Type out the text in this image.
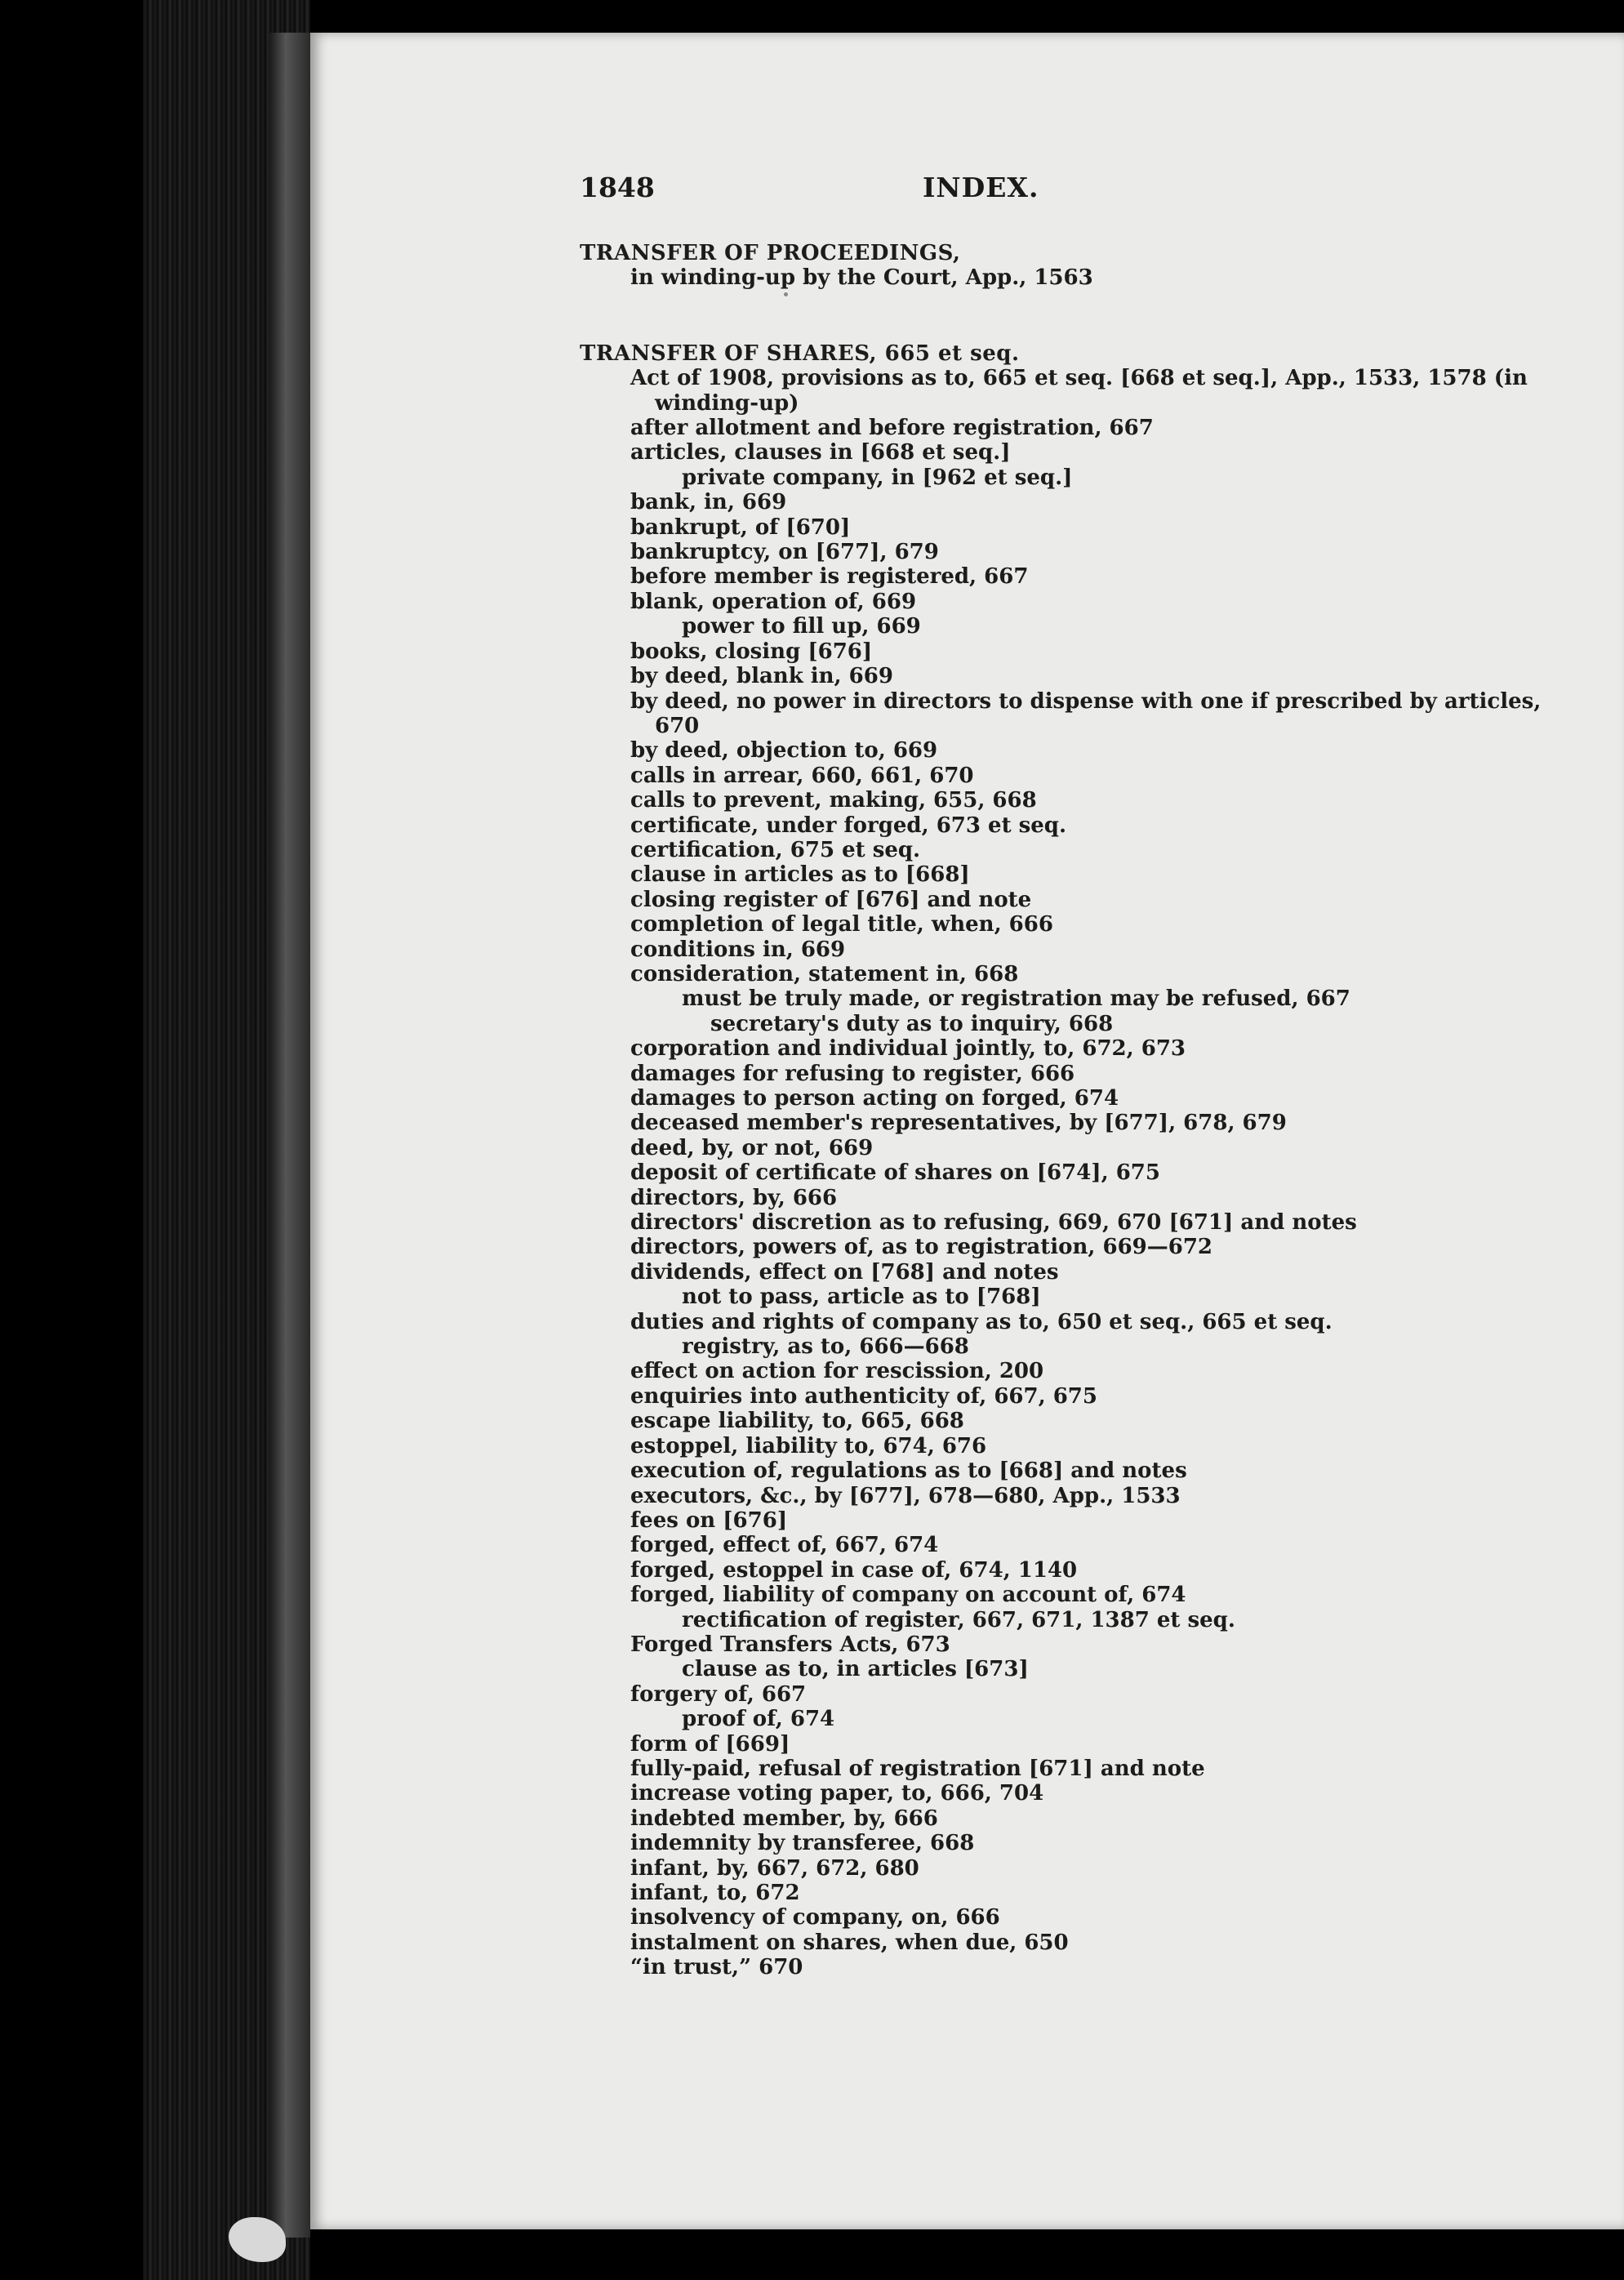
1848	INDEX.
TRANSFER OF PROCEEDINGS,
in winding-up by the Court, App., 1563
TRANSFER OF SHARES, 665 et seq.
Act of 1908, provisions as to, 665 et seq. [668 et seq.], App., 1533, 1578 (in winding-up)
after allotment and before registration, 667
articles, clauses in [668 et seq.]
private company, in [962 et seq.]
bank, in, 669
bankrupt, of [670]
bankruptcy, on [677], 679
before member is registered, 667
blank, operation of, 669
power to fill up, 669
books, closing [676]
by deed, blank in, 669
by deed, no power in directors to dispense with one if prescribed by articles, 670
by deed, objection to, 669
calls in arrear, 660, 661, 670
calls to prevent, making, 655, 668
certificate, under forged, 673 et seq.
certification, 675 et seq.
clause in articles as to [668]
closing register of [676] and note
completion of legal title, when, 666
conditions in, 669
consideration, statement in, 668
must be truly made, or registration may be refused, 667
secretary's duty as to inquiry, 668
corporation and individual jointly, to, 672, 673
damages for refusing to register, 666
damages to person acting on forged, 674
deceased member's representatives, by [677], 678, 679
deed, by, or not, 669
deposit of certificate of shares on [674], 675
directors, by, 666
directors' discretion as to refusing, 669, 670 [671] and notes
directors, powers of, as to registration, 669—672
dividends, effect on [768] and notes
not to pass, article as to [768]
duties and rights of company as to, 650 et seq., 665 et seq.
registry, as to, 666—668
effect on action for rescission, 200
enquiries into authenticity of, 667, 675
escape liability, to, 665, 668
estoppel, liability to, 674, 676
execution of, regulations as to [668] and notes
executors, &c., by [677], 678—680, App., 1533
fees on [676]
forged, effect of, 667, 674
forged, estoppel in case of, 674, 1140
forged, liability of company on account of, 674
rectification of register, 667, 671, 1387 et seq.
Forged Transfers Acts, 673
clause as to, in articles [673]
forgery of, 667
proof of, 674
form of [669]
fully-paid, refusal of registration [671] and note
increase voting paper, to, 666, 704
indebted member, by, 666
indemnity by transferee, 668
infant, by, 667, 672, 680
infant, to, 672
insolvency of company, on, 666
instalment on shares, when due, 650
“in trust,” 670
